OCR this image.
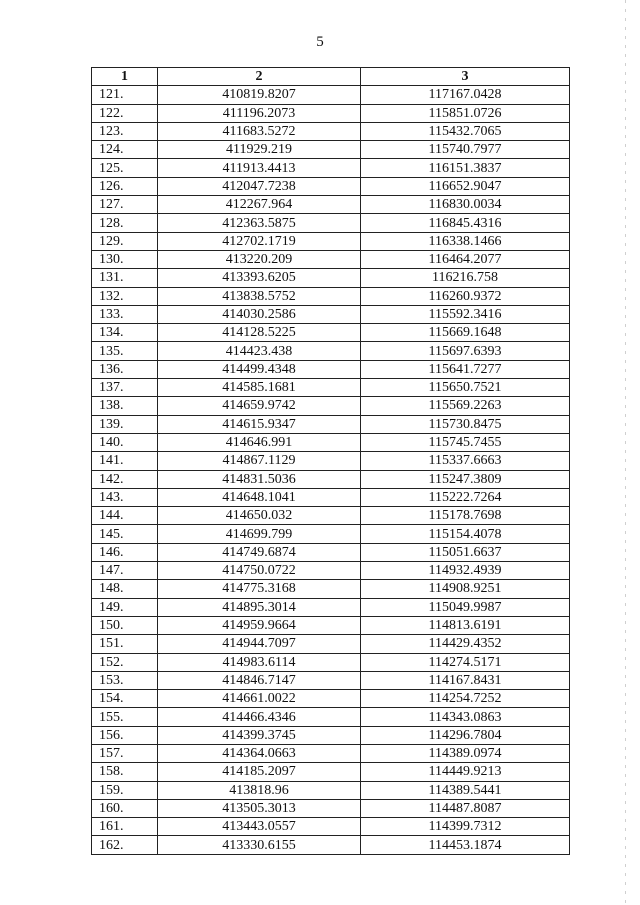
5
1	2	3
121.	410819.8207	117167.0428
122.	411196.2073	115851.0726
123.	411683.5272	115432.7065
124.	411929.219	115740.7977
125.	411913.4413	116151.3837
126.	412047.7238	116652.9047
127.	412267.964	116830.0034
128.	412363.5875	116845.4316
129.	412702.1719	116338.1466
130.	413220.209	116464.2077
131.	413393.6205	116216.758
132.	413838.5752	116260.9372
133.	414030.2586	115592.3416
134.	414128.5225	115669.1648
135.	414423.438	115697.6393
136.	414499.4348	115641.7277
137.	414585.1681	115650.7521
138.	414659.9742	115569.2263
139.	414615.9347	115730.8475
140.	414646.991	115745.7455
141.	414867.1129	115337.6663
142.	414831.5036	115247.3809
143.	414648.1041	115222.7264
144.	414650.032	115178.7698
145.	414699.799	115154.4078
146.	414749.6874	115051.6637
147.	414750.0722	114932.4939
148.	414775.3168	114908.9251
149.	414895.3014	115049.9987
150.	414959.9664	114813.6191
151.	414944.7097	114429.4352
152.	414983.6114	114274.5171
153.	414846.7147	114167.8431
154.	414661.0022	114254.7252
155.	414466.4346	114343.0863
156.	414399.3745	114296.7804
157.	414364.0663	114389.0974
158.	414185.2097	114449.9213
159.	413818.96	114389.5441
160.	413505.3013	114487.8087
161.	413443.0557	114399.7312
162.	413330.6155	114453.1874
